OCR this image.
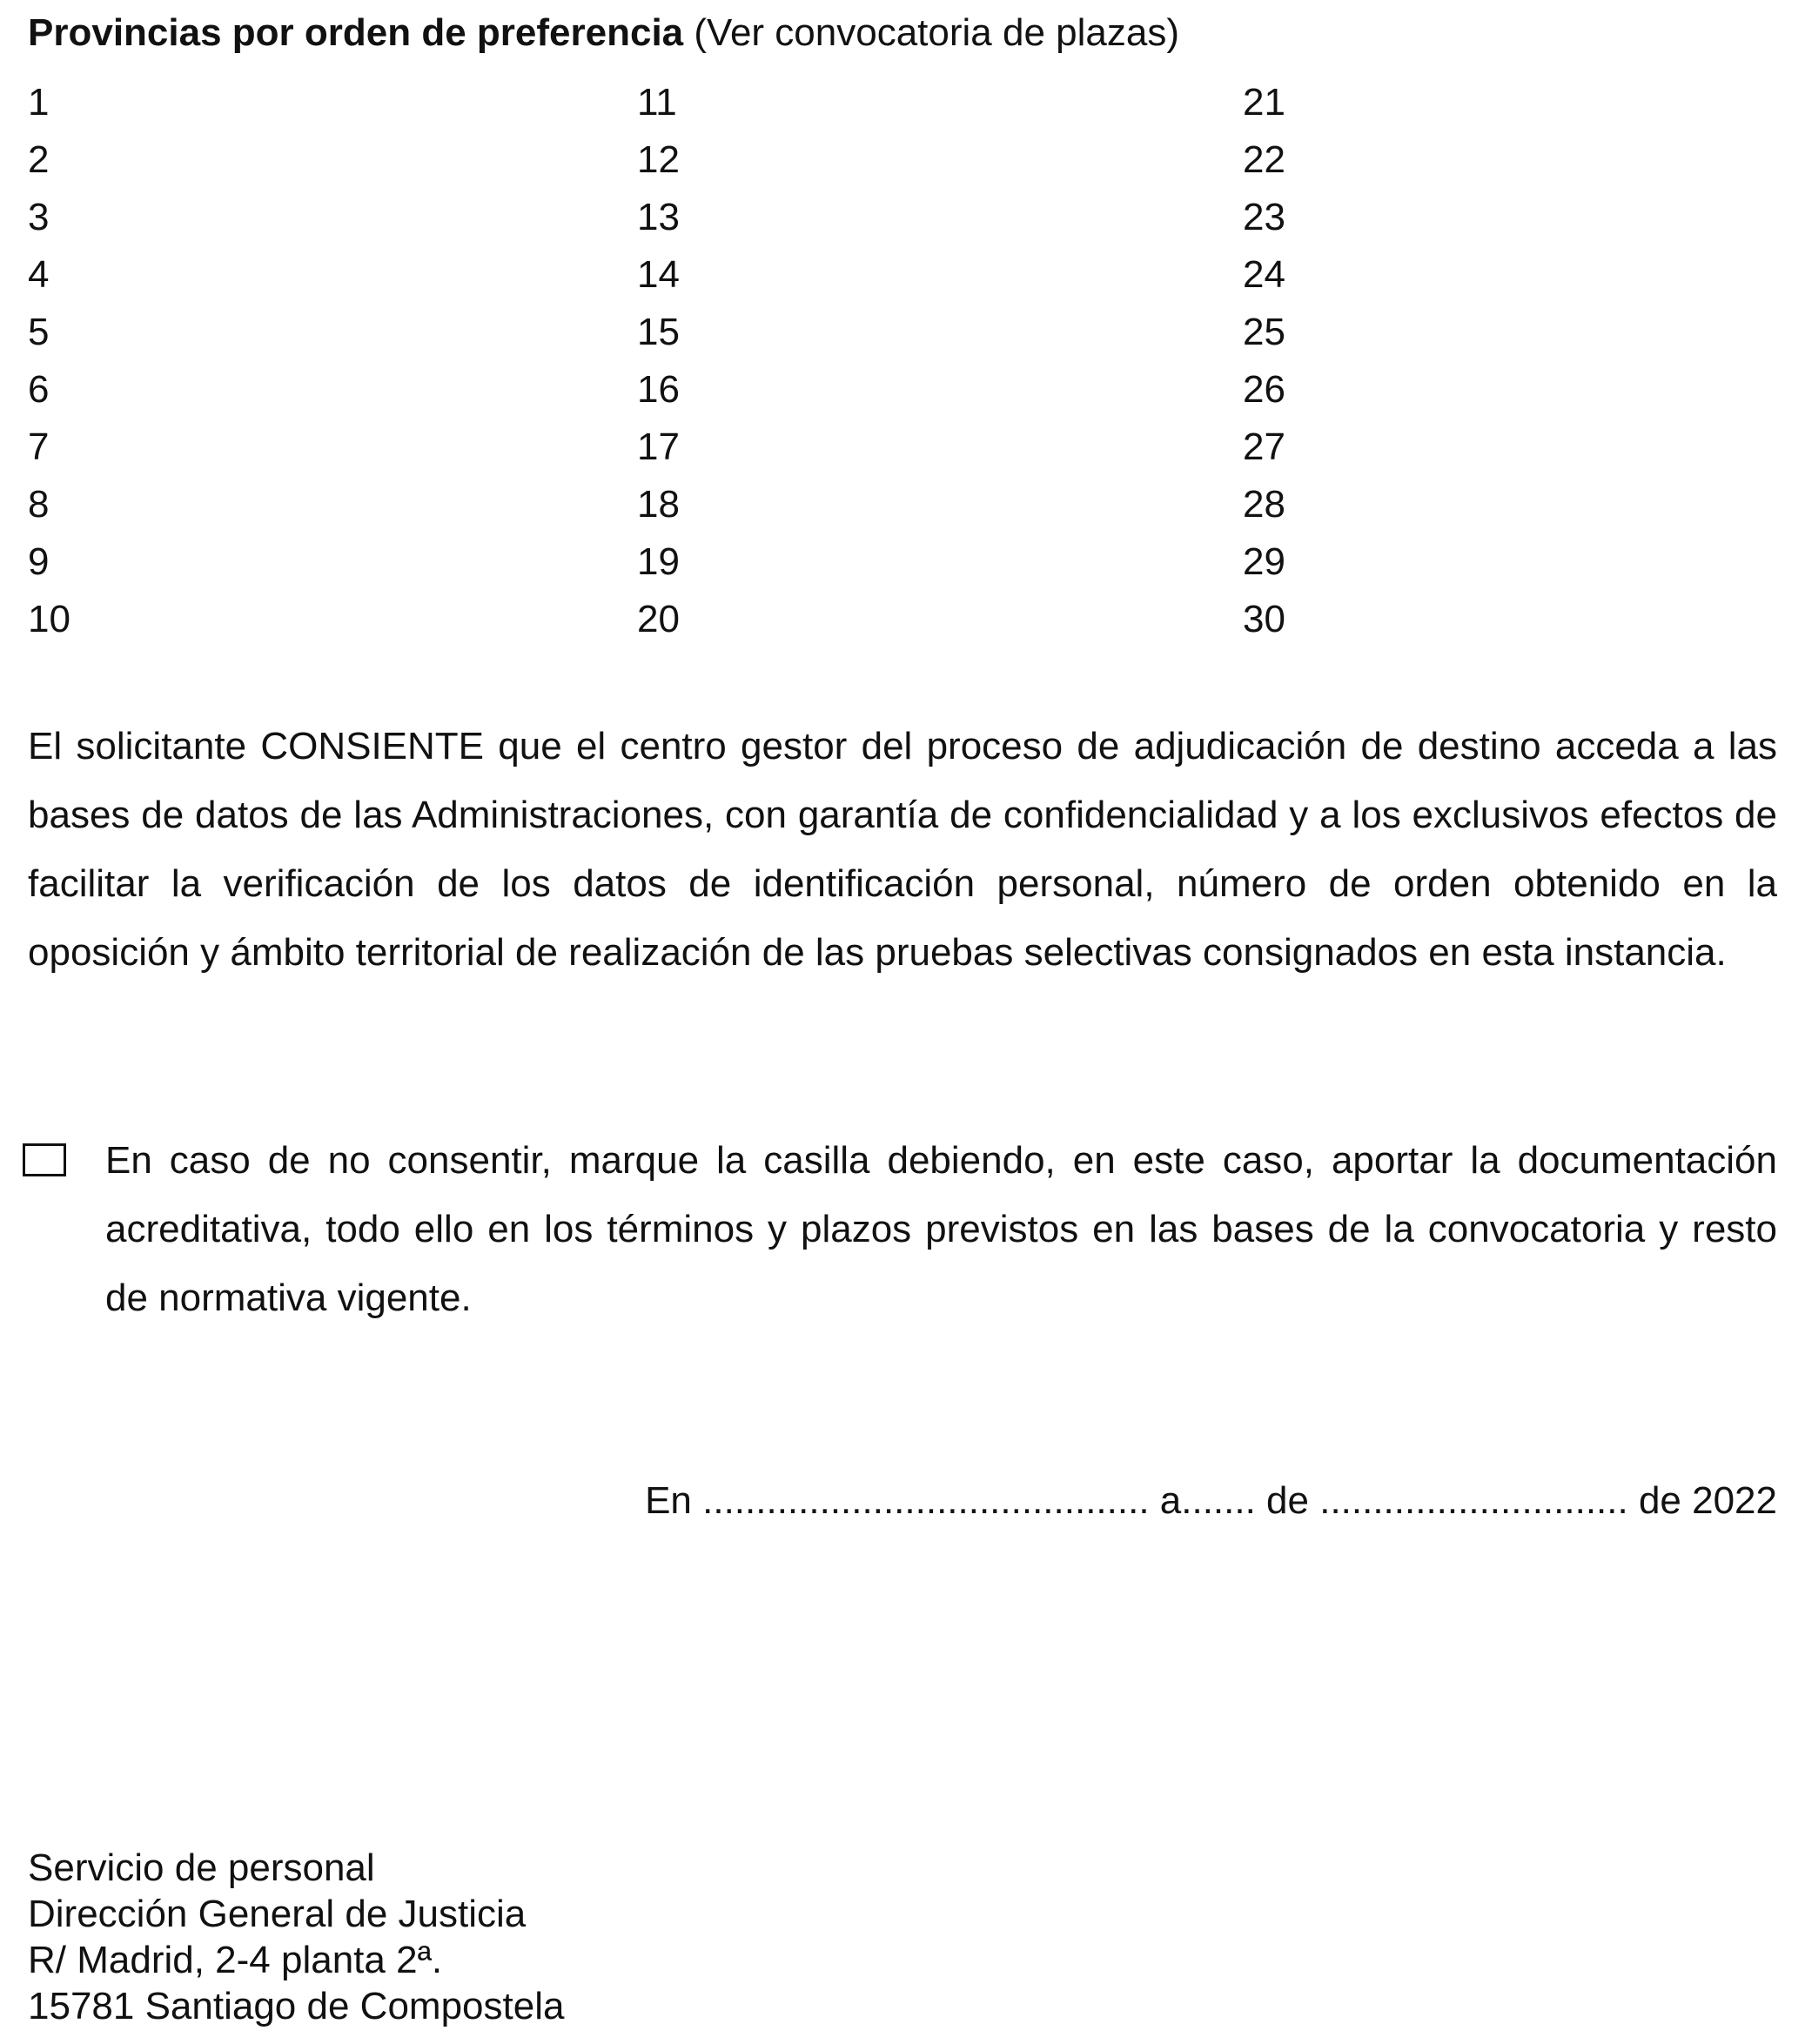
Provincias por orden de preferencia (Ver convocatoria de plazas)
1	11	21
2	12	22
3	13	23
4	14	24
5	15	25
6	16	26
7	17	27
8	18	28
9	19	29
10	20	30
El solicitante CONSIENTE que el centro gestor del proceso de adjudicación de destino acceda a las bases de datos de las Administraciones, con garantía de confidencialidad y a los exclusivos efectos de facilitar la verificación de los datos de identificación personal, número de orden obtenido en la oposición y ámbito territorial de realización de las pruebas selectivas consignados en esta instancia.
En caso de no consentir, marque la casilla debiendo, en este caso, aportar la documentación acreditativa, todo ello en los términos y plazos previstos en las bases de la convocatoria y resto de normativa vigente.
En .......................................... a....... de ............................. de 2022
Servicio de personal
Dirección General de Justicia
R/ Madrid, 2-4 planta 2ª.
15781 Santiago de Compostela
